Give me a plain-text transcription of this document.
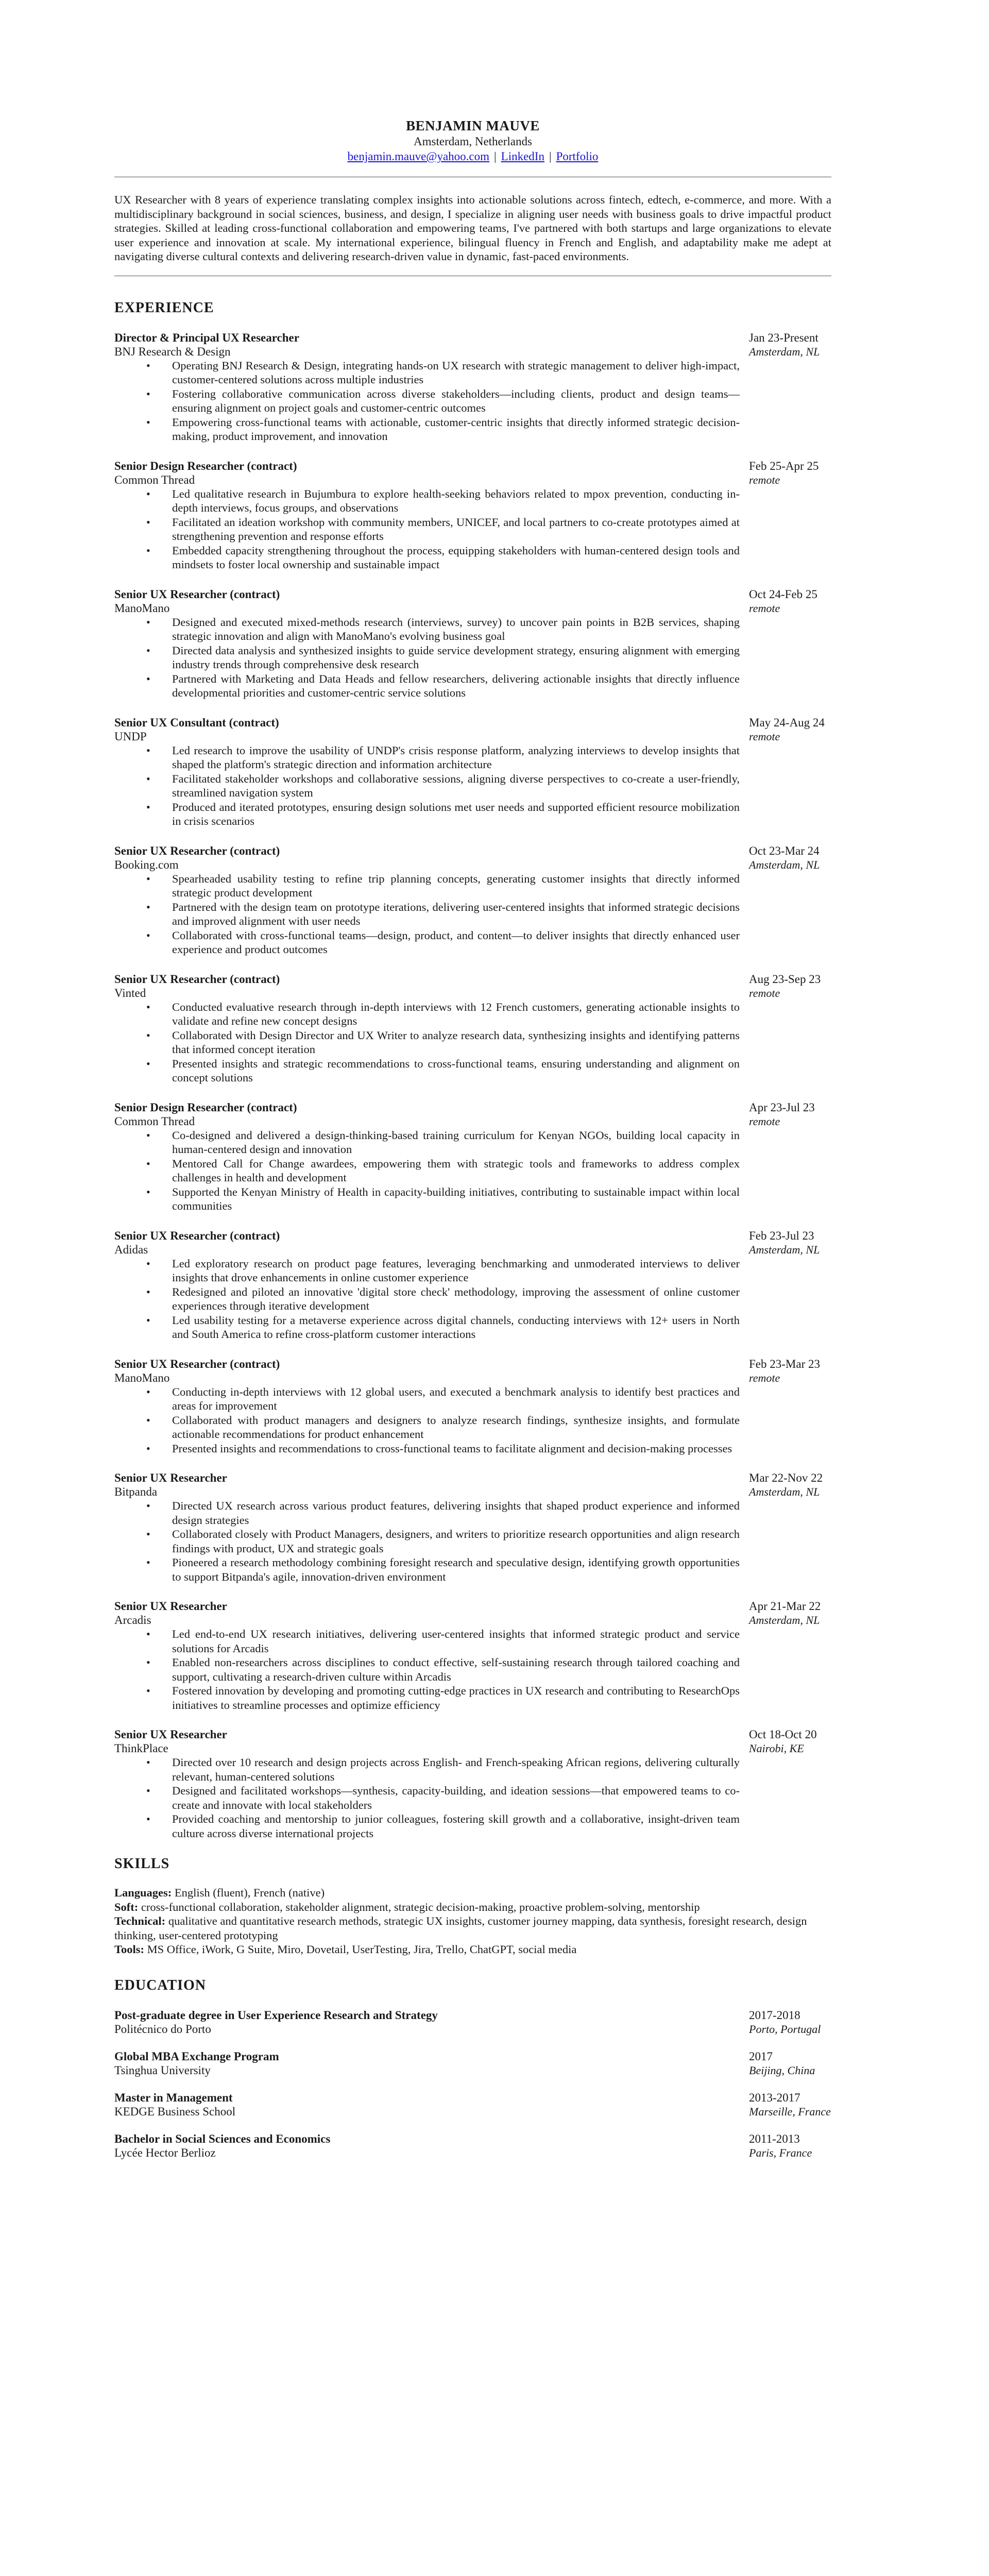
BENJAMIN MAUVE
Amsterdam, Netherlands
benjamin.mauve@yahoo.com | LinkedIn | Portfolio
UX Researcher with 8 years of experience translating complex insights into actionable solutions across fintech, edtech, e-commerce, and more. With a multidisciplinary background in social sciences, business, and design, I specialize in aligning user needs with business goals to drive impactful product strategies. Skilled at leading cross-functional collaboration and empowering teams, I've partnered with both startups and large organizations to elevate user experience and innovation at scale. My international experience, bilingual fluency in French and English, and adaptability make me adept at navigating diverse cultural contexts and delivering research-driven value in dynamic, fast-paced environments.
EXPERIENCE
Director & Principal UX Researcher	Jan 23-Present
BNJ Research & Design	Amsterdam, NL
• Operating BNJ Research & Design, integrating hands-on UX research with strategic management to deliver high-impact, customer-centered solutions across multiple industries
• Fostering collaborative communication across diverse stakeholders—including clients, product and design teams—ensuring alignment on project goals and customer-centric outcomes
• Empowering cross-functional teams with actionable, customer-centric insights that directly informed strategic decision-making, product improvement, and innovation
Senior Design Researcher (contract)	Feb 25-Apr 25
Common Thread	remote
• Led qualitative research in Bujumbura to explore health-seeking behaviors related to mpox prevention, conducting in-depth interviews, focus groups, and observations
• Facilitated an ideation workshop with community members, UNICEF, and local partners to co-create prototypes aimed at strengthening prevention and response efforts
• Embedded capacity strengthening throughout the process, equipping stakeholders with human-centered design tools and mindsets to foster local ownership and sustainable impact
Senior UX Researcher (contract)	Oct 24-Feb 25
ManoMano	remote
• Designed and executed mixed-methods research (interviews, survey) to uncover pain points in B2B services, shaping strategic innovation and align with ManoMano's evolving business goal
• Directed data analysis and synthesized insights to guide service development strategy, ensuring alignment with emerging industry trends through comprehensive desk research
• Partnered with Marketing and Data Heads and fellow researchers, delivering actionable insights that directly influence developmental priorities and customer-centric service solutions
Senior UX Consultant (contract)	May 24-Aug 24
UNDP	remote
• Led research to improve the usability of UNDP's crisis response platform, analyzing interviews to develop insights that shaped the platform's strategic direction and information architecture
• Facilitated stakeholder workshops and collaborative sessions, aligning diverse perspectives to co-create a user-friendly, streamlined navigation system
• Produced and iterated prototypes, ensuring design solutions met user needs and supported efficient resource mobilization in crisis scenarios
Senior UX Researcher (contract)	Oct 23-Mar 24
Booking.com	Amsterdam, NL
• Spearheaded usability testing to refine trip planning concepts, generating customer insights that directly informed strategic product development
• Partnered with the design team on prototype iterations, delivering user-centered insights that informed strategic decisions and improved alignment with user needs
• Collaborated with cross-functional teams—design, product, and content—to deliver insights that directly enhanced user experience and product outcomes
Senior UX Researcher (contract)	Aug 23-Sep 23
Vinted	remote
• Conducted evaluative research through in-depth interviews with 12 French customers, generating actionable insights to validate and refine new concept designs
• Collaborated with Design Director and UX Writer to analyze research data, synthesizing insights and identifying patterns that informed concept iteration
• Presented insights and strategic recommendations to cross-functional teams, ensuring understanding and alignment on concept solutions
Senior Design Researcher (contract)	Apr 23-Jul 23
Common Thread	remote
• Co-designed and delivered a design-thinking-based training curriculum for Kenyan NGOs, building local capacity in human-centered design and innovation
• Mentored Call for Change awardees, empowering them with strategic tools and frameworks to address complex challenges in health and development
• Supported the Kenyan Ministry of Health in capacity-building initiatives, contributing to sustainable impact within local communities
Senior UX Researcher (contract)	Feb 23-Jul 23
Adidas	Amsterdam, NL
• Led exploratory research on product page features, leveraging benchmarking and unmoderated interviews to deliver insights that drove enhancements in online customer experience
• Redesigned and piloted an innovative 'digital store check' methodology, improving the assessment of online customer experiences through iterative development
• Led usability testing for a metaverse experience across digital channels, conducting interviews with 12+ users in North and South America to refine cross-platform customer interactions
Senior UX Researcher (contract)	Feb 23-Mar 23
ManoMano	remote
• Conducting in-depth interviews with 12 global users, and executed a benchmark analysis to identify best practices and areas for improvement
• Collaborated with product managers and designers to analyze research findings, synthesize insights, and formulate actionable recommendations for product enhancement
• Presented insights and recommendations to cross-functional teams to facilitate alignment and decision-making processes
Senior UX Researcher	Mar 22-Nov 22
Bitpanda	Amsterdam, NL
• Directed UX research across various product features, delivering insights that shaped product experience and informed design strategies
• Collaborated closely with Product Managers, designers, and writers to prioritize research opportunities and align research findings with product, UX and strategic goals
• Pioneered a research methodology combining foresight research and speculative design, identifying growth opportunities to support Bitpanda's agile, innovation-driven environment
Senior UX Researcher	Apr 21-Mar 22
Arcadis	Amsterdam, NL
• Led end-to-end UX research initiatives, delivering user-centered insights that informed strategic product and service solutions for Arcadis
• Enabled non-researchers across disciplines to conduct effective, self-sustaining research through tailored coaching and support, cultivating a research-driven culture within Arcadis
• Fostered innovation by developing and promoting cutting-edge practices in UX research and contributing to ResearchOps initiatives to streamline processes and optimize efficiency
Senior UX Researcher	Oct 18-Oct 20
ThinkPlace	Nairobi, KE
• Directed over 10 research and design projects across English- and French-speaking African regions, delivering culturally relevant, human-centered solutions
• Designed and facilitated workshops—synthesis, capacity-building, and ideation sessions—that empowered teams to co-create and innovate with local stakeholders
• Provided coaching and mentorship to junior colleagues, fostering skill growth and a collaborative, insight-driven team culture across diverse international projects
SKILLS
Languages: English (fluent), French (native)
Soft: cross-functional collaboration, stakeholder alignment, strategic decision-making, proactive problem-solving, mentorship
Technical: qualitative and quantitative research methods, strategic UX insights, customer journey mapping, data synthesis, foresight research, design thinking, user-centered prototyping
Tools: MS Office, iWork, G Suite, Miro, Dovetail, UserTesting, Jira, Trello, ChatGPT, social media
EDUCATION
Post-graduate degree in User Experience Research and Strategy	2017-2018
Politécnico do Porto	Porto, Portugal
Global MBA Exchange Program	2017
Tsinghua University	Beijing, China
Master in Management	2013-2017
KEDGE Business School	Marseille, France
Bachelor in Social Sciences and Economics	2011-2013
Lycée Hector Berlioz	Paris, France
